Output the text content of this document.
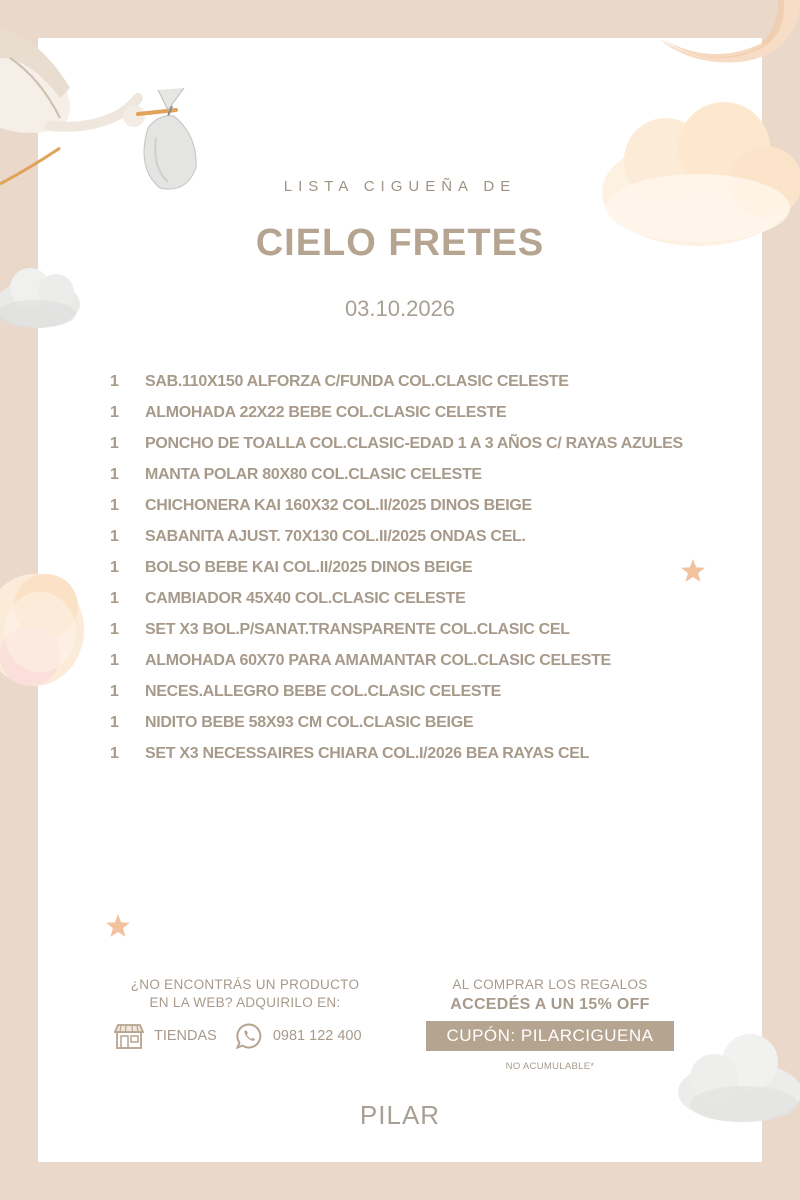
LISTA CIGUEÑA DE
CIELO FRETES
03.10.2026
1	SAB.110X150 ALFORZA C/FUNDA COL.CLASIC CELESTE
1	ALMOHADA 22X22 BEBE COL.CLASIC CELESTE
1	PONCHO DE TOALLA COL.CLASIC-EDAD 1 A 3 AÑOS C/ RAYAS AZULES
1	MANTA POLAR 80X80 COL.CLASIC CELESTE
1	CHICHONERA KAI 160X32 COL.II/2025 DINOS BEIGE
1	SABANITA AJUST. 70X130 COL.II/2025 ONDAS CEL.
1	BOLSO BEBE KAI COL.II/2025 DINOS BEIGE
1	CAMBIADOR 45X40 COL.CLASIC CELESTE
1	SET X3 BOL.P/SANAT.TRANSPARENTE COL.CLASIC CEL
1	ALMOHADA 60X70 PARA AMAMANTAR COL.CLASIC CELESTE
1	NECES.ALLEGRO BEBE COL.CLASIC CELESTE
1	NIDITO BEBE 58X93 CM COL.CLASIC BEIGE
1	SET X3 NECESSAIRES CHIARA COL.I/2026 BEA RAYAS CEL
¿NO ENCONTRÁS UN PRODUCTO
EN LA WEB? ADQUIRILO EN:
TIENDAS	0981 122 400
AL COMPRAR LOS REGALOS
ACCEDÉS A UN 15% OFF
CUPÓN: PILARCIGUENA
NO ACUMULABLE*
PILAR
